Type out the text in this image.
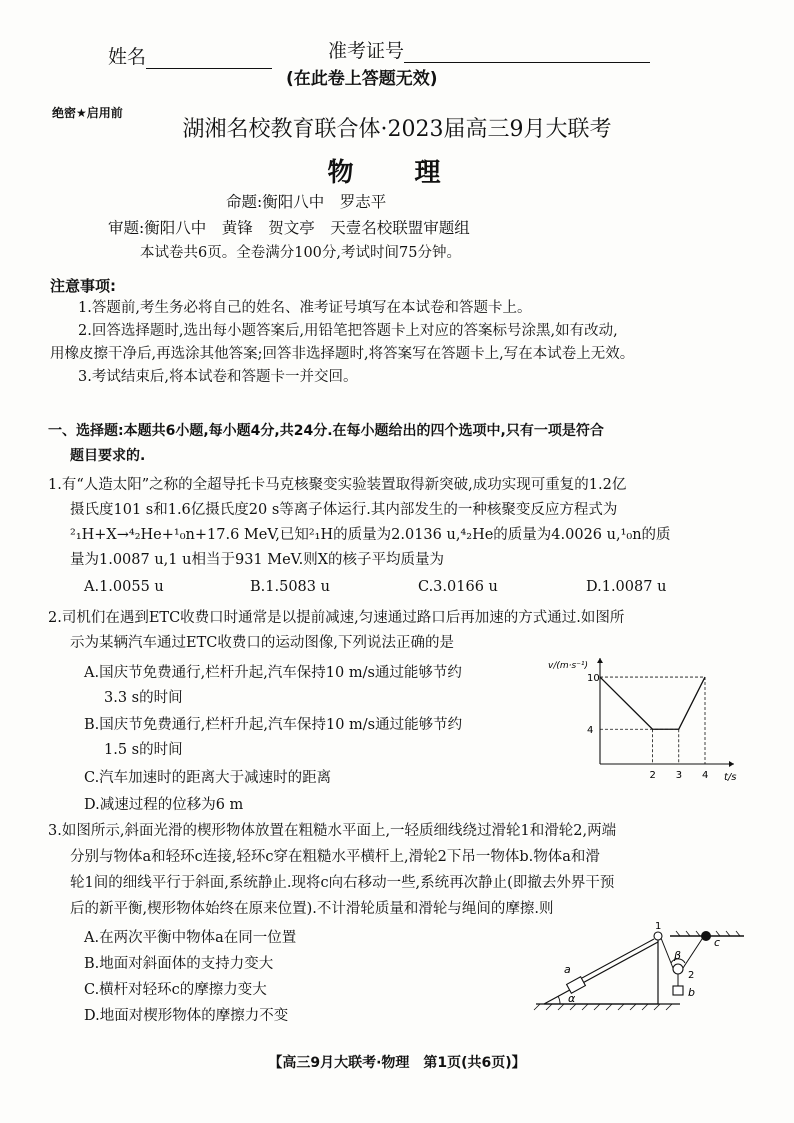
姓名	准考证号
(在此卷上答题无效)
绝密★启用前
湖湘名校教育联合体·2023届高三9月大联考
物 理
命题:衡阳八中　罗志平
审题:衡阳八中　黄锋　贺文亭　天壹名校联盟审题组
本试卷共6页。全卷满分100分,考试时间75分钟。
注意事项:
1.答题前,考生务必将自己的姓名、准考证号填写在本试卷和答题卡上。
2.回答选择题时,选出每小题答案后,用铅笔把答题卡上对应的答案标号涂黑,如有改动,
用橡皮擦干净后,再选涂其他答案;回答非选择题时,将答案写在答题卡上,写在本试卷上无效。
3.考试结束后,将本试卷和答题卡一并交回。
一、选择题:本题共6小题,每小题4分,共24分.在每小题给出的四个选项中,只有一项是符合
题目要求的.
1.有“人造太阳”之称的全超导托卡马克核聚变实验装置取得新突破,成功实现可重复的1.2亿
摄氏度101 s和1.6亿摄氏度20 s等离子体运行.其内部发生的一种核聚变反应方程式为
²₁H+X→⁴₂He+¹₀n+17.6 MeV,已知²₁H的质量为2.0136 u,⁴₂He的质量为4.0026 u,¹₀n的质
量为1.0087 u,1 u相当于931 MeV.则X的核子平均质量为
A.1.0055 u	B.1.5083 u	C.3.0166 u	D.1.0087 u
2.司机们在遇到ETC收费口时通常是以提前减速,匀速通过路口后再加速的方式通过.如图所
示为某辆汽车通过ETC收费口的运动图像,下列说法正确的是
A.国庆节免费通行,栏杆升起,汽车保持10 m/s通过能够节约
3.3 s的时间
B.国庆节免费通行,栏杆升起,汽车保持10 m/s通过能够节约
1.5 s的时间
C.汽车加速时的距离大于减速时的距离
D.减速过程的位移为6 m
t/s
v/(m·s⁻¹)
4
10
2 3 4
3.如图所示,斜面光滑的楔形物体放置在粗糙水平面上,一轻质细线绕过滑轮1和滑轮2,两端
分别与物体a和轻环c连接,轻环c穿在粗糙水平横杆上,滑轮2下吊一物体b.物体a和滑
轮1间的细线平行于斜面,系统静止.现将c向右移动一些,系统再次静止(即撤去外界干预
后的新平衡,楔形物体始终在原来位置).不计滑轮质量和滑轮与绳间的摩擦.则
A.在两次平衡中物体a在同一位置
B.地面对斜面体的支持力变大
C.横杆对轻环c的摩擦力变大
D.地面对楔形物体的摩擦力不变
a
α
1
β
c
2
b
【高三9月大联考·物理　第1页(共6页)】
